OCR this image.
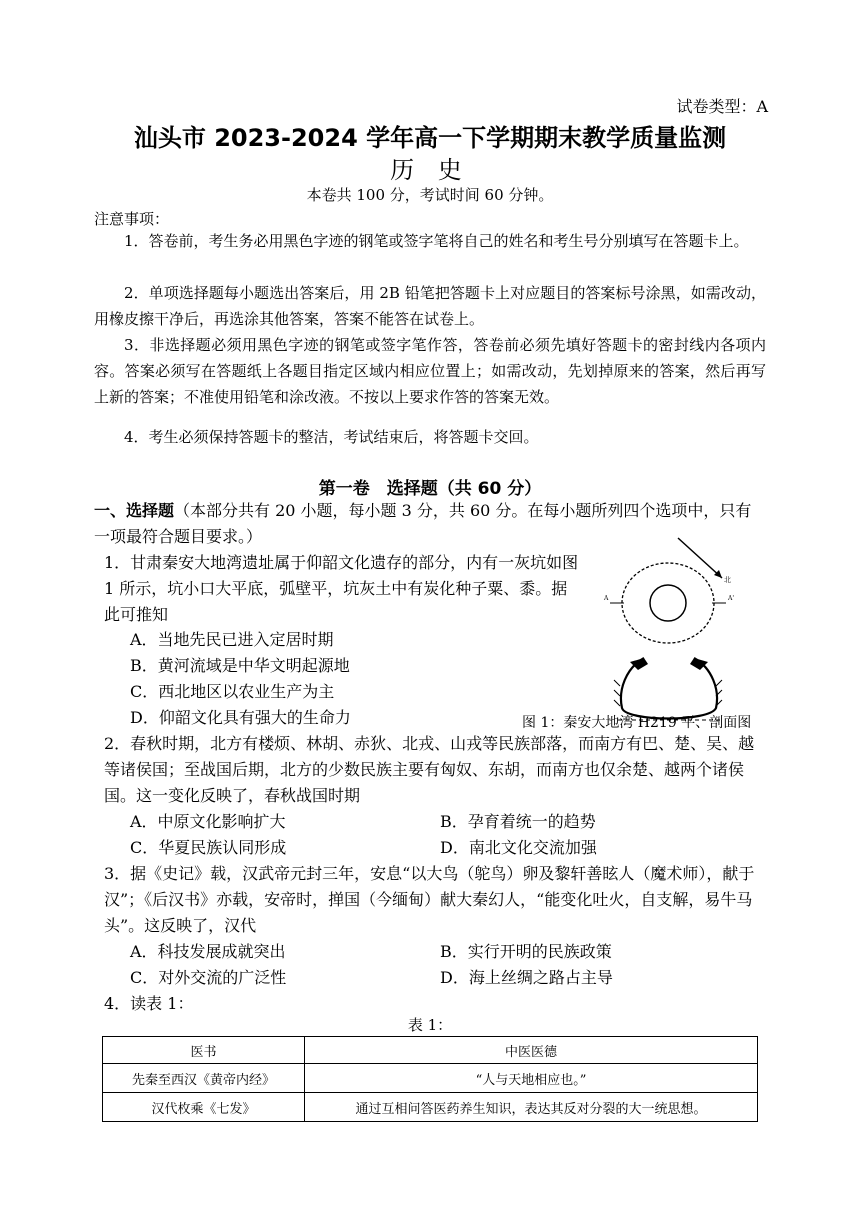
试卷类型：A
汕头市 2023-2024 学年高一下学期期末教学质量监测
历 史
本卷共 100 分，考试时间 60 分钟。
注意事项：
1．答卷前，考生务必用黑色字迹的钢笔或签字笔将自己的姓名和考生号分别填写在答题卡上。
2．单项选择题每小题选出答案后，用 2B 铅笔把答题卡上对应题目的答案标号涂黑，如需改动，用橡皮擦干净后，再选涂其他答案，答案不能答在试卷上。
3．非选择题必须用黑色字迹的钢笔或签字笔作答，答卷前必须先填好答题卡的密封线内各项内容。答案必须写在答题纸上各题目指定区域内相应位置上；如需改动，先划掉原来的答案，然后再写上新的答案；不准使用铅笔和涂改液。不按以上要求作答的答案无效。
4．考生必须保持答题卡的整洁，考试结束后，将答题卡交回。
第一卷　选择题（共 60 分）
一、选择题（本部分共有 20 小题，每小题 3 分，共 60 分。在每小题所列四个选项中，只有一项最符合题目要求。）
1．甘肃秦安大地湾遗址属于仰韶文化遗存的部分，内有一灰坑如图 1 所示，坑小口大平底，弧壁平，坑灰土中有炭化种子粟、黍。据此可推知
A．当地先民已进入定居时期
B．黄河流域是中华文明起源地
C．西北地区以农业生产为主
D．仰韶文化具有强大的生命力
北
A	A'
图 1：秦安大地湾 H219 平、剖面图
2．春秋时期，北方有楼烦、林胡、赤狄、北戎、山戎等民族部落，而南方有巴、楚、吴、越等诸侯国；至战国后期，北方的少数民族主要有匈奴、东胡，而南方也仅余楚、越两个诸侯国。这一变化反映了，春秋战国时期
A．中原文化影响扩大	B．孕育着统一的趋势
C．华夏民族认同形成	D．南北文化交流加强
3．据《史记》载，汉武帝元封三年，安息“以大鸟（鸵鸟）卵及黎轩善眩人（魔术师），献于汉”；《后汉书》亦载，安帝时，掸国（今缅甸）献大秦幻人，“能变化吐火，自支解，易牛马头”。这反映了，汉代
A．科技发展成就突出	B．实行开明的民族政策
C．对外交流的广泛性	D．海上丝绸之路占主导
4．读表 1：
表 1：
医书	中医医德
先秦至西汉《黄帝内经》	“人与天地相应也。”
汉代枚乘《七发》	通过互相问答医药养生知识，表达其反对分裂的大一统思想。
